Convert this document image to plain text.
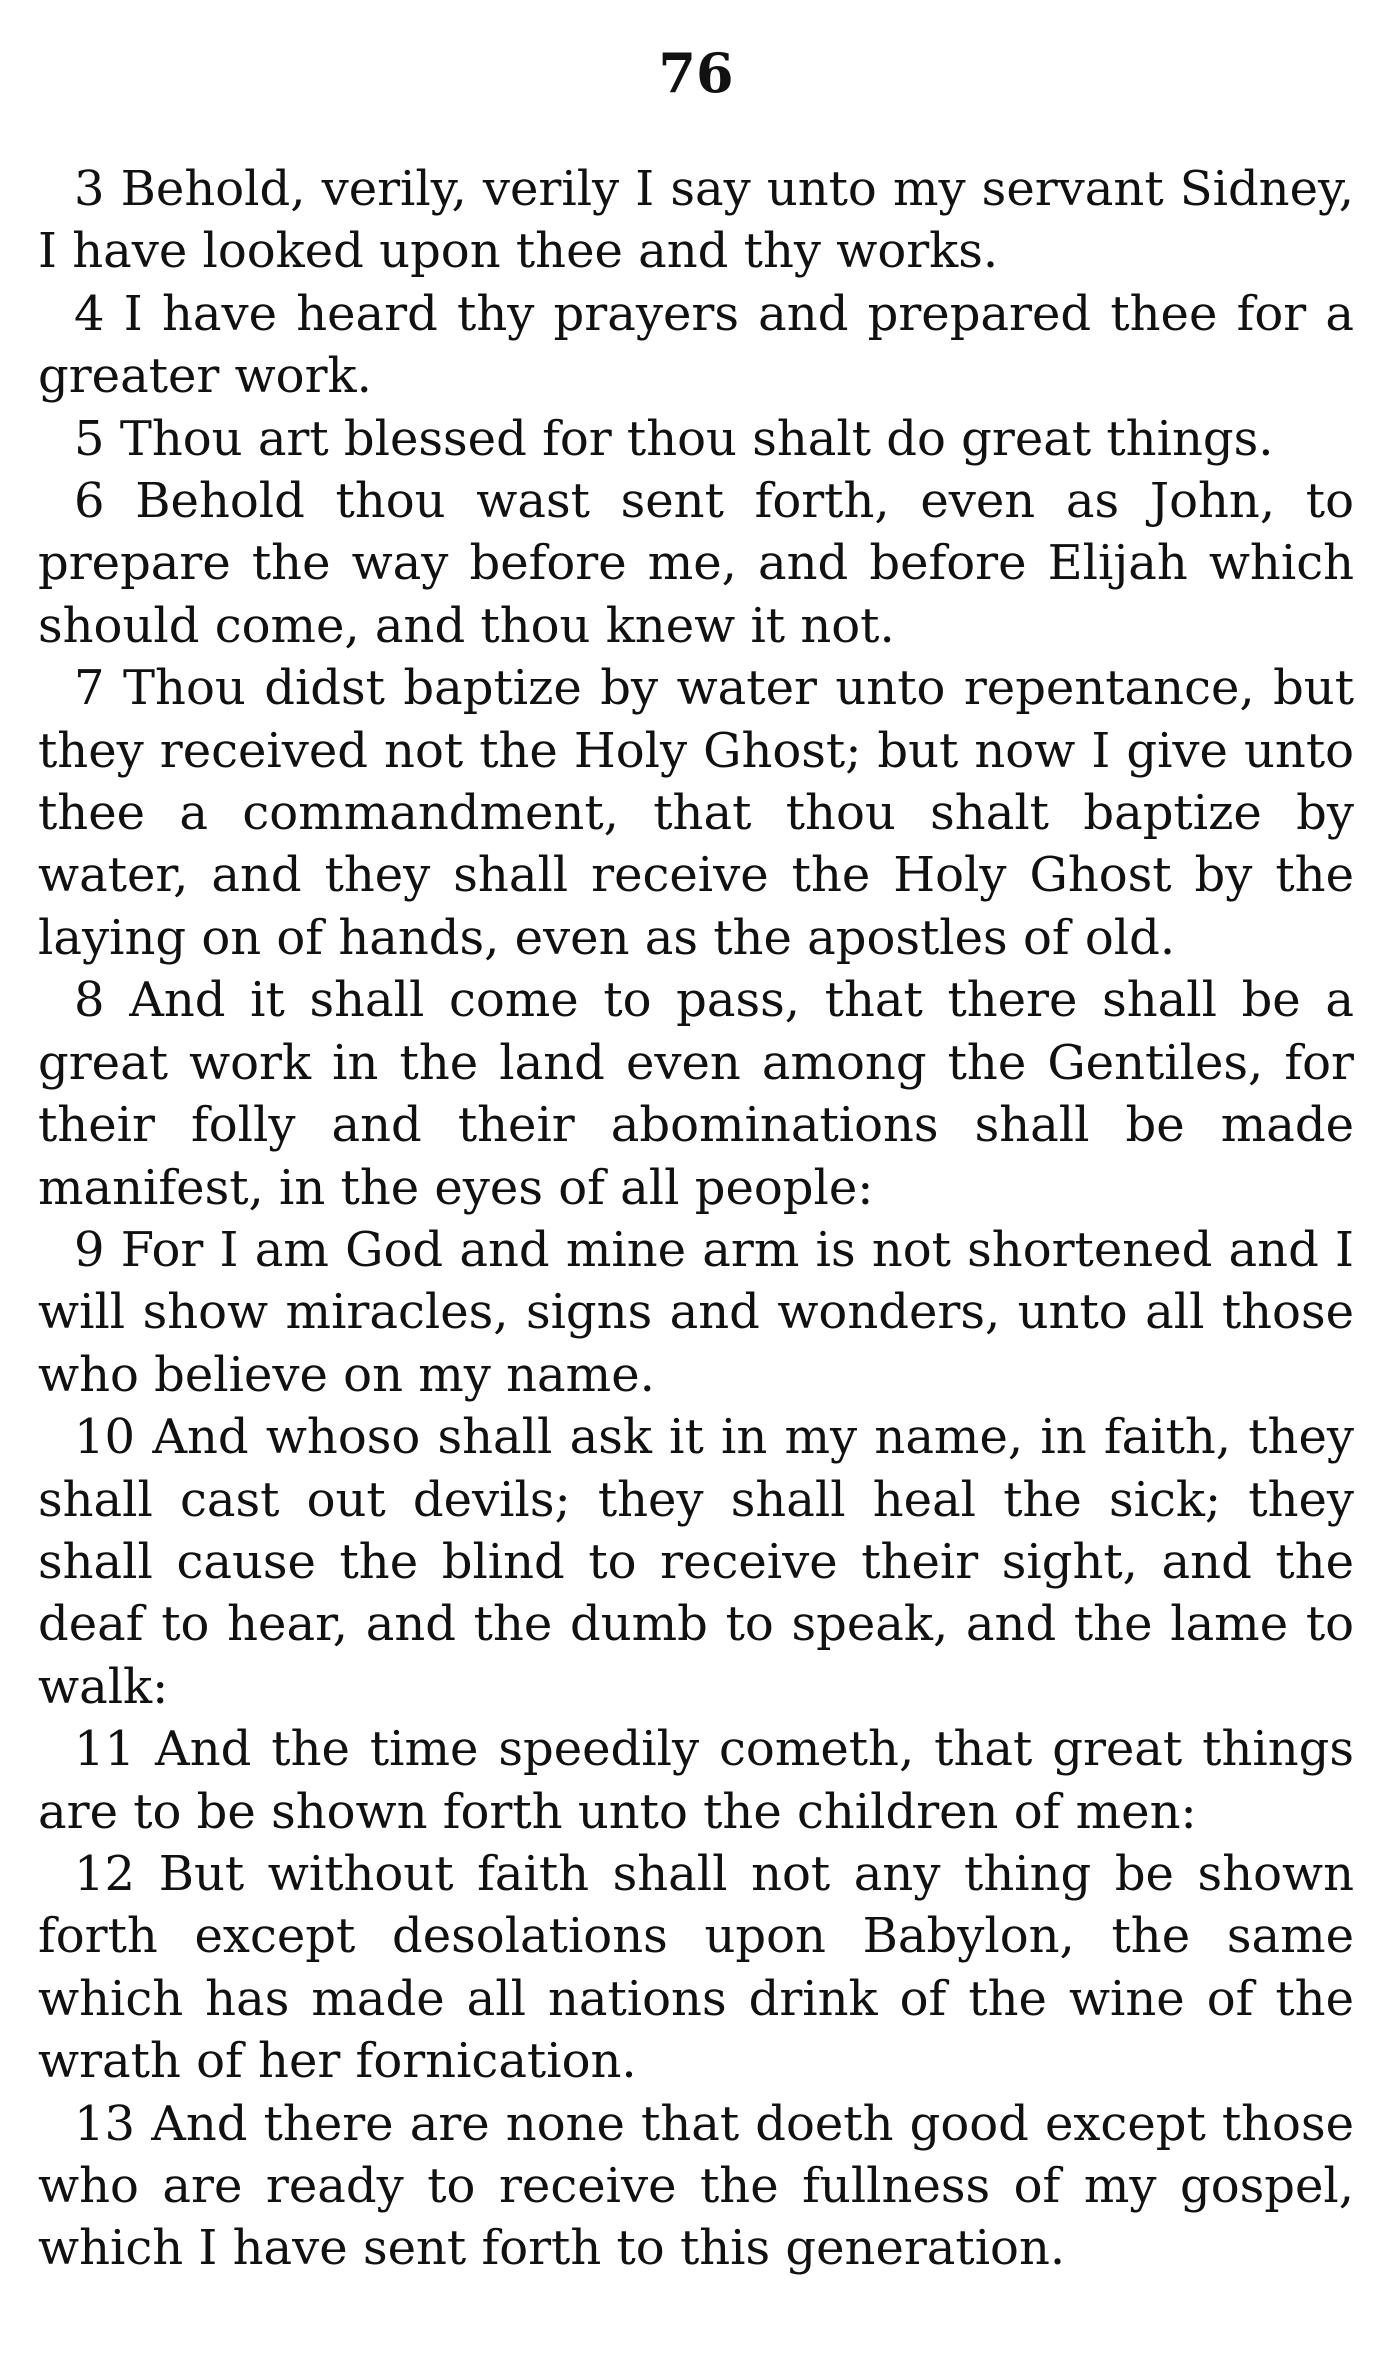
76

3 Behold, verily, verily I say unto my servant Sidney, I have looked upon thee and thy works.

4 I have heard thy prayers and prepared thee for a greater work.

5 Thou art blessed for thou shalt do great things.

6 Behold thou wast sent forth, even as John, to prepare the way before me, and before Elijah which should come, and thou knew it not.

7 Thou didst baptize by water unto repentance, but they received not the Holy Ghost; but now I give unto thee a commandment, that thou shalt baptize by water, and they shall receive the Holy Ghost by the laying on of hands, even as the apostles of old.

8 And it shall come to pass, that there shall be a great work in the land even among the Gentiles, for their folly and their abominations shall be made manifest, in the eyes of all people:

9 For I am God and mine arm is not shortened and I will show miracles, signs and wonders, unto all those who believe on my name.

10 And whoso shall ask it in my name, in faith, they shall cast out devils; they shall heal the sick; they shall cause the blind to receive their sight, and the deaf to hear, and the dumb to speak, and the lame to walk:

11 And the time speedily cometh, that great things are to be shown forth unto the children of men:

12 But without faith shall not any thing be shown forth except desolations upon Babylon, the same which has made all nations drink of the wine of the wrath of her fornication.

13 And there are none that doeth good except those who are ready to receive the fullness of my gospel, which I have sent forth to this generation.
